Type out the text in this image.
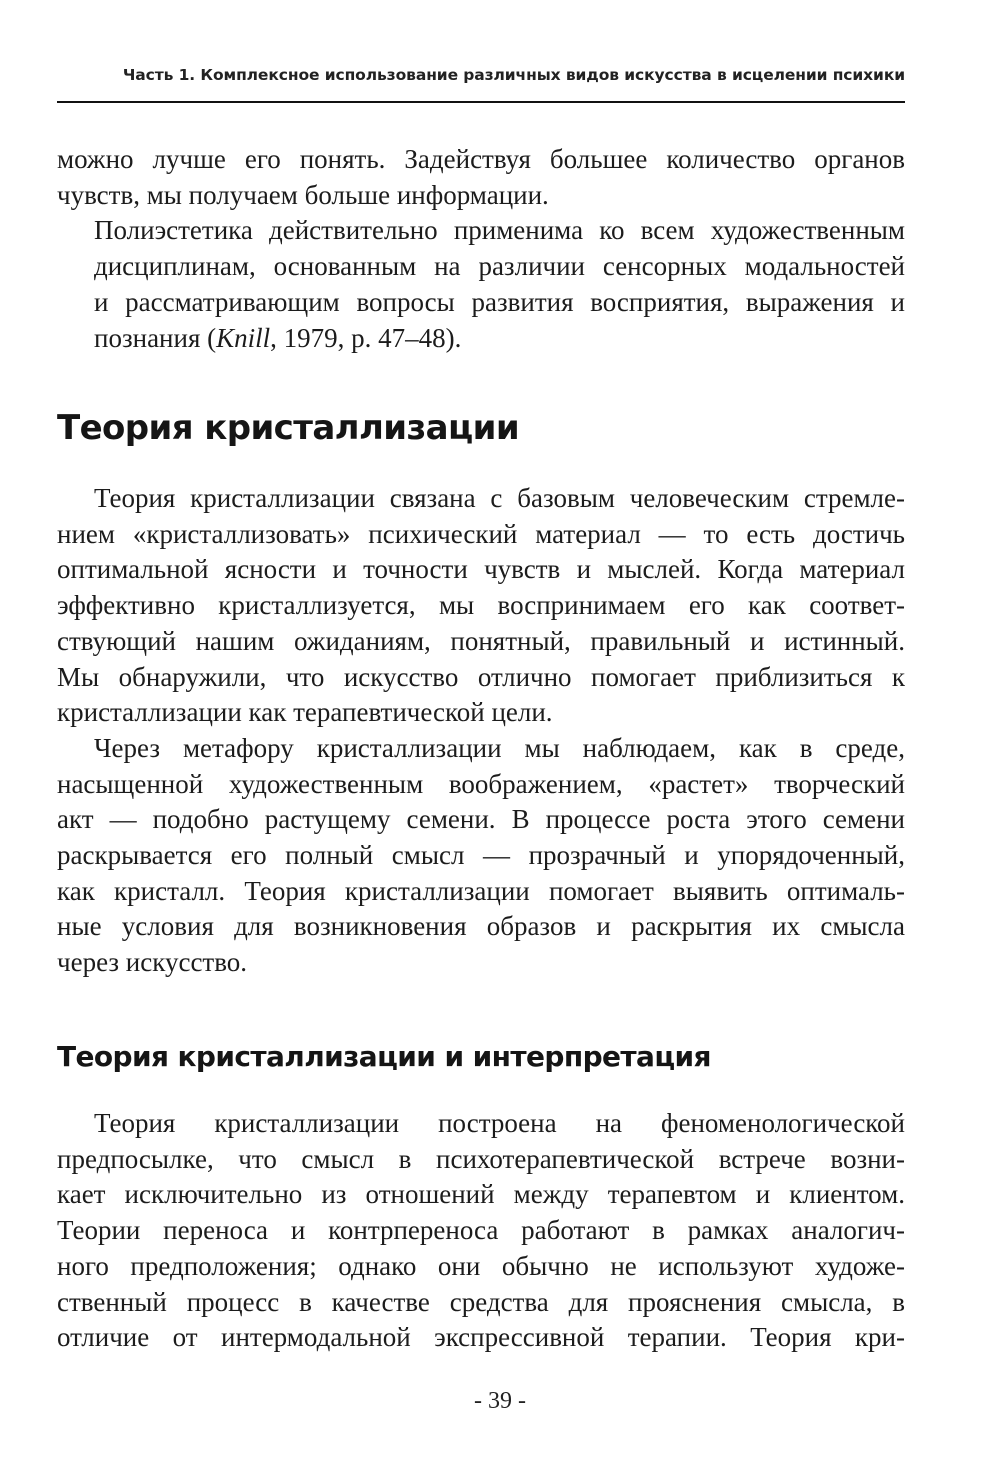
Часть 1. Комплексное использование различных видов искусства в исцелении психики

можно лучше его понять. Задействуя большее количество органов
чувств, мы получаем больше информации.

Полиэстетика действительно применима ко всем художественным
дисциплинам, основанным на различии сенсорных модальностей
и рассматривающим вопросы развития восприятия, выражения и
познания (Knill, 1979, p. 47–48).

Теория кристаллизации

Теория кристаллизации связана с базовым человеческим стремле-
нием «кристаллизовать» психический материал — то есть достичь
оптимальной ясности и точности чувств и мыслей. Когда материал
эффективно кристаллизуется, мы воспринимаем его как соответ-
ствующий нашим ожиданиям, понятный, правильный и истинный.
Мы обнаружили, что искусство отлично помогает приблизиться к
кристаллизации как терапевтической цели.

Через метафору кристаллизации мы наблюдаем, как в среде,
насыщенной художественным воображением, «растет» творческий
акт — подобно растущему семени. В процессе роста этого семени
раскрывается его полный смысл — прозрачный и упорядоченный,
как кристалл. Теория кристаллизации помогает выявить оптималь-
ные условия для возникновения образов и раскрытия их смысла
через искусство.

Теория кристаллизации и интерпретация

Теория кристаллизации построена на феноменологической
предпосылке, что смысл в психотерапевтической встрече возни-
кает исключительно из отношений между терапевтом и клиентом.
Теории переноса и контрпереноса работают в рамках аналогич-
ного предположения; однако они обычно не используют художе-
ственный процесс в качестве средства для прояснения смысла, в
отличие от интермодальной экспрессивной терапии. Теория кри-

- 39 -
